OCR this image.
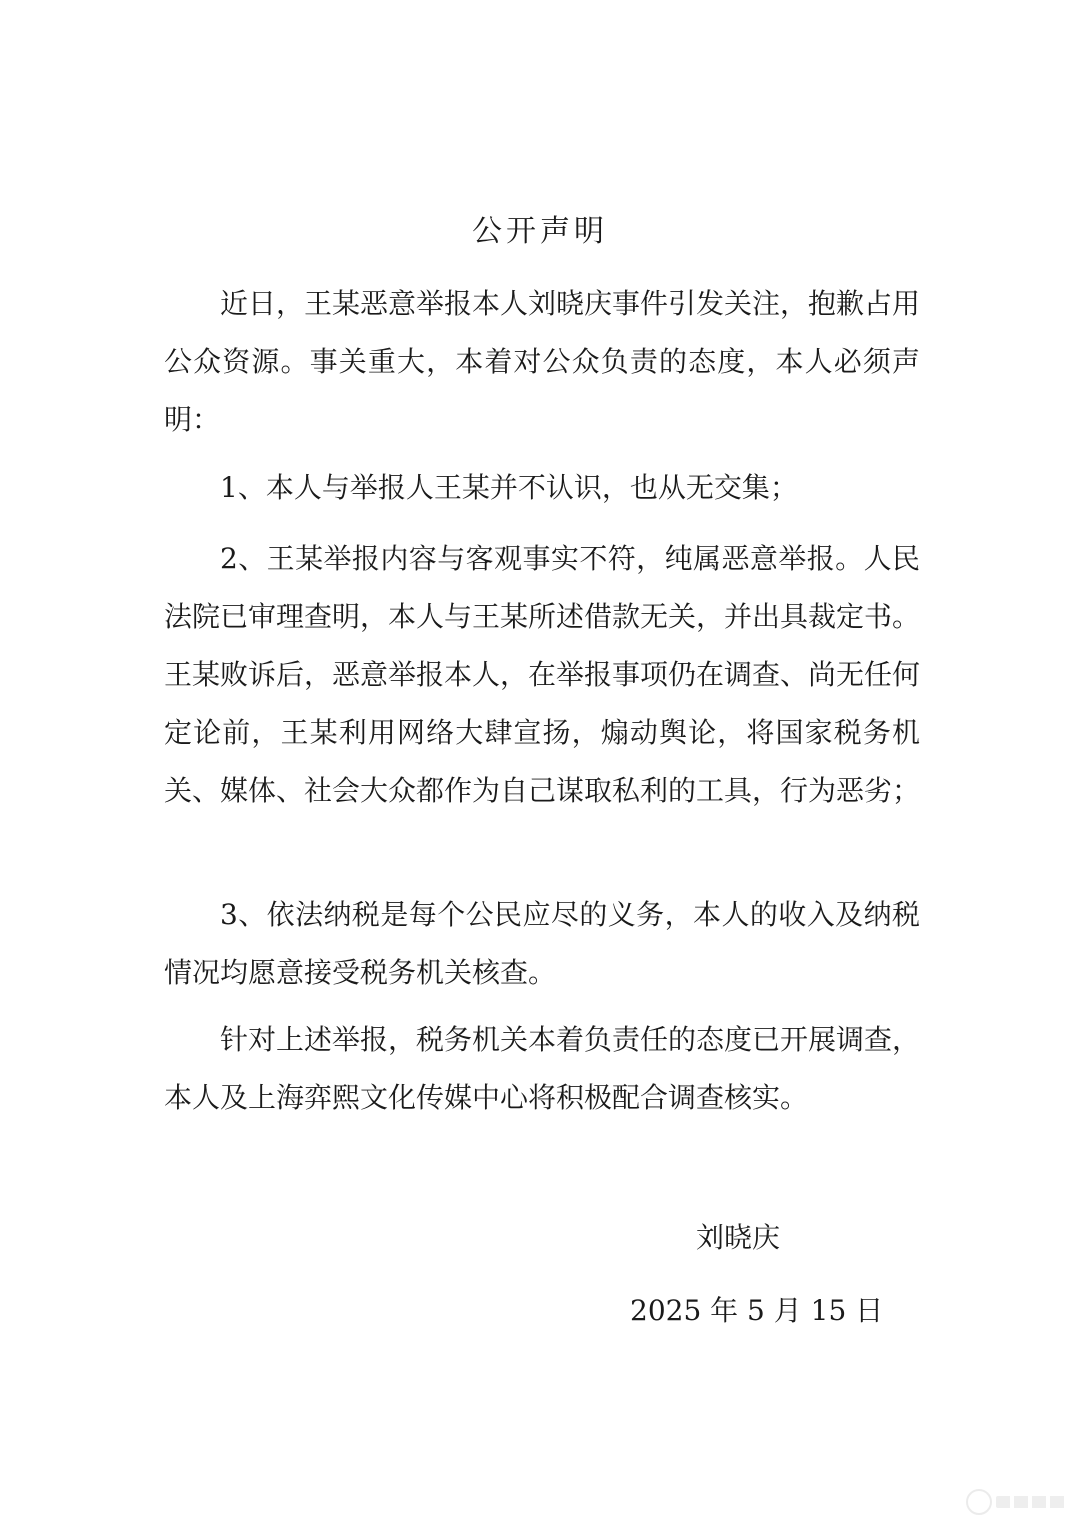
公开声明

近日，王某恶意举报本人刘晓庆事件引发关注，抱歉占用公众资源。事关重大，本着对公众负责的态度，本人必须声明：

1、本人与举报人王某并不认识，也从无交集；

2、王某举报内容与客观事实不符，纯属恶意举报。人民法院已审理查明，本人与王某所述借款无关，并出具裁定书。王某败诉后，恶意举报本人，在举报事项仍在调查、尚无任何定论前，王某利用网络大肆宣扬，煽动舆论，将国家税务机关、媒体、社会大众都作为自己谋取私利的工具，行为恶劣；

3、依法纳税是每个公民应尽的义务，本人的收入及纳税情况均愿意接受税务机关核查。

针对上述举报，税务机关本着负责任的态度已开展调查，本人及上海弈熙文化传媒中心将积极配合调查核实。

刘晓庆
2025 年 5 月 15 日
